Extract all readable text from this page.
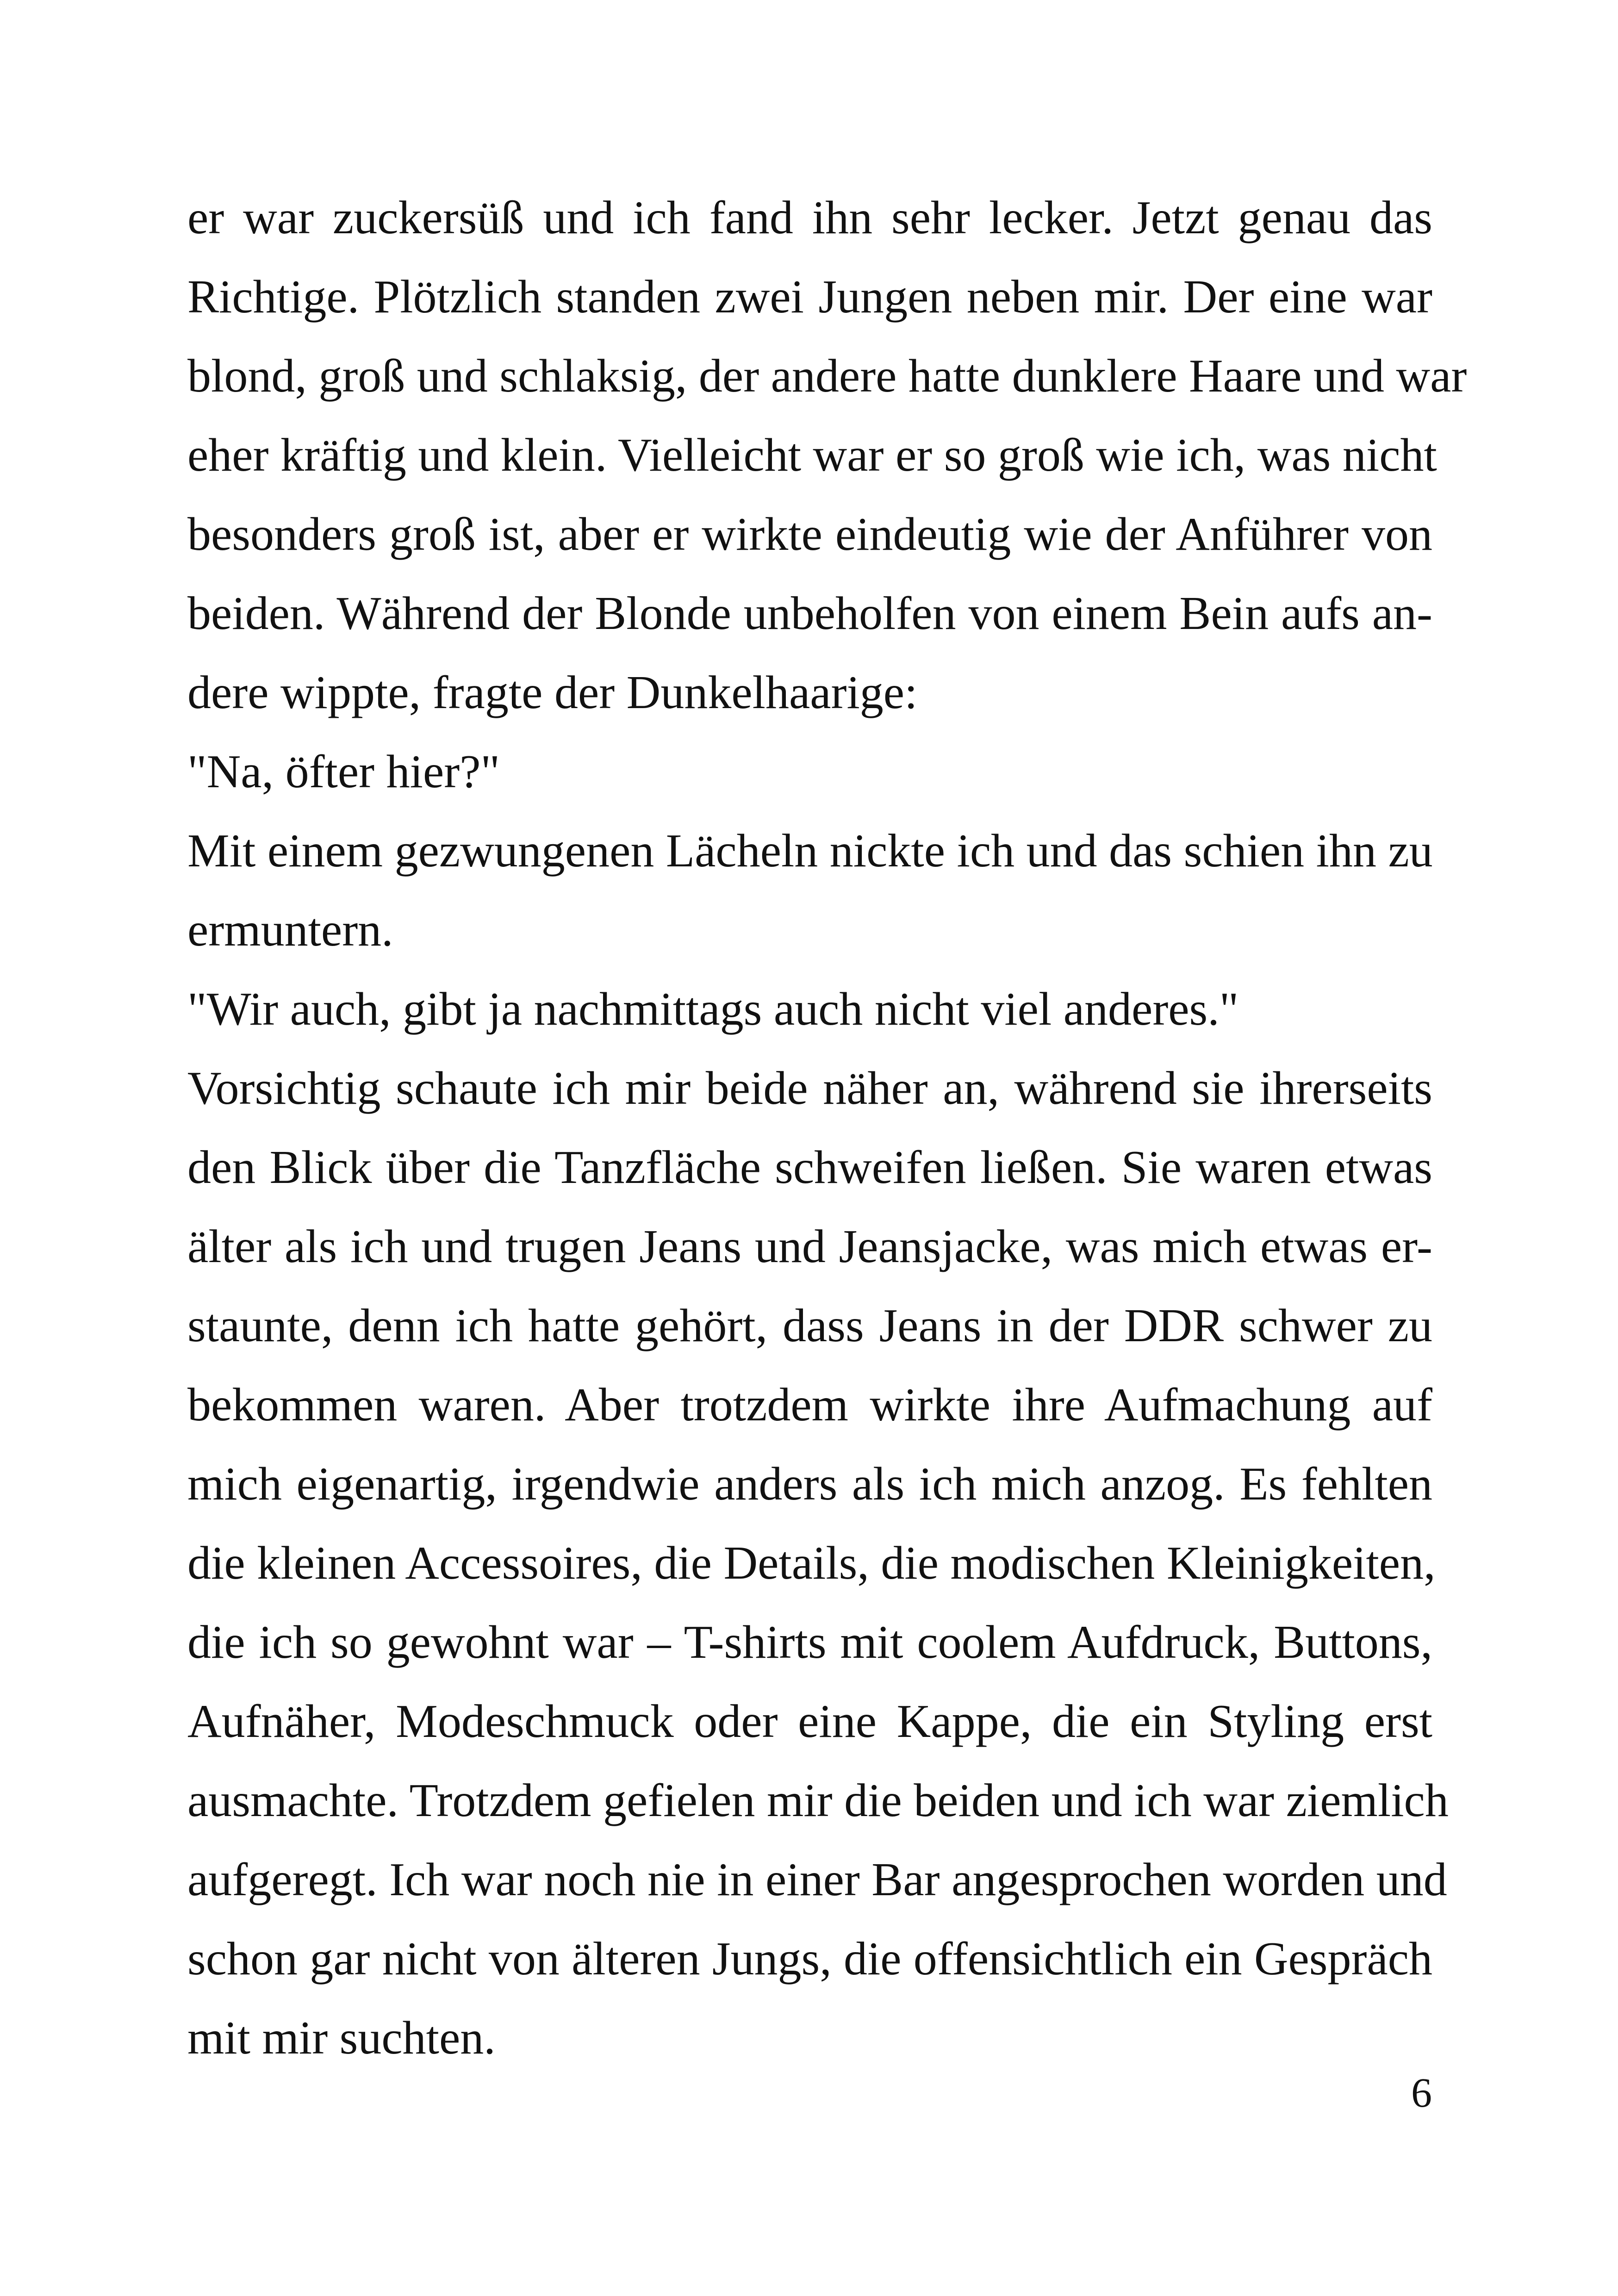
er war zuckersüß und ich fand ihn sehr lecker. Jetzt genau das
Richtige. Plötzlich standen zwei Jungen neben mir. Der eine war
blond, groß und schlaksig, der andere hatte dunklere Haare und war
eher kräftig und klein. Vielleicht war er so groß wie ich, was nicht
besonders groß ist, aber er wirkte eindeutig wie der Anführer von
beiden. Während der Blonde unbeholfen von einem Bein aufs an-
dere wippte, fragte der Dunkelhaarige:
"Na, öfter hier?"
Mit einem gezwungenen Lächeln nickte ich und das schien ihn zu
ermuntern.
"Wir auch, gibt ja nachmittags auch nicht viel anderes."
Vorsichtig schaute ich mir beide näher an, während sie ihrerseits
den Blick über die Tanzfläche schweifen ließen. Sie waren etwas
älter als ich und trugen Jeans und Jeansjacke, was mich etwas er-
staunte, denn ich hatte gehört, dass Jeans in der DDR schwer zu
bekommen waren. Aber trotzdem wirkte ihre Aufmachung auf
mich eigenartig, irgendwie anders als ich mich anzog. Es fehlten
die kleinen Accessoires, die Details, die modischen Kleinigkeiten,
die ich so gewohnt war – T-shirts mit coolem Aufdruck, Buttons,
Aufnäher, Modeschmuck oder eine Kappe, die ein Styling erst
ausmachte. Trotzdem gefielen mir die beiden und ich war ziemlich
aufgeregt. Ich war noch nie in einer Bar angesprochen worden und
schon gar nicht von älteren Jungs, die offensichtlich ein Gespräch
mit mir suchten.
6
